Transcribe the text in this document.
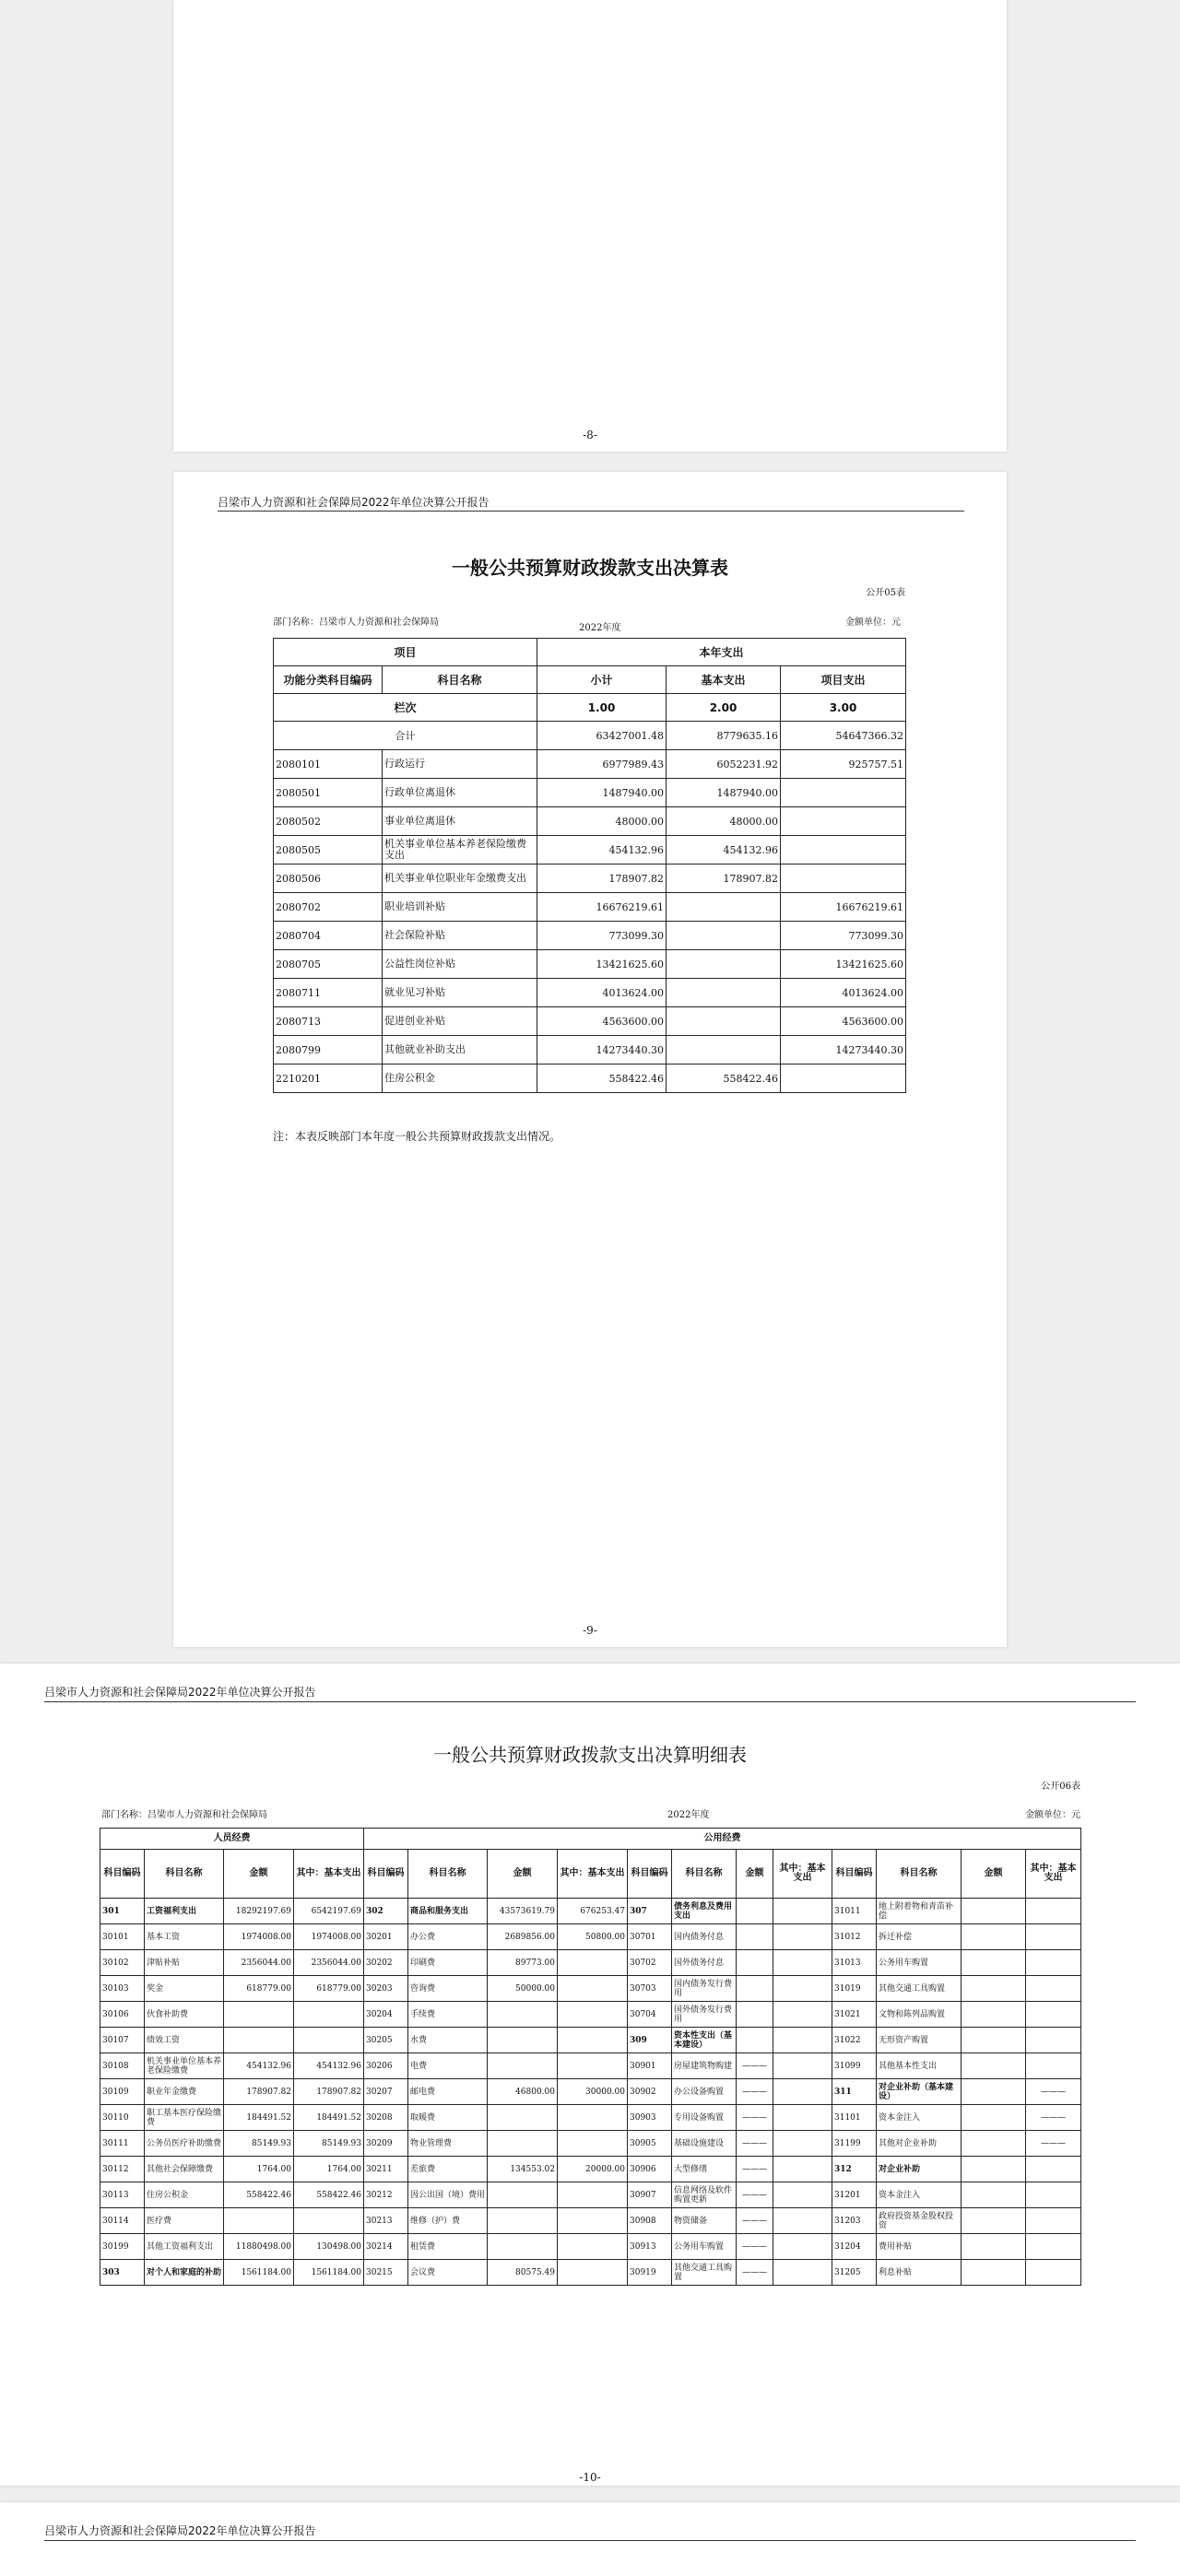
-8-
吕梁市人力资源和社会保障局2022年单位决算公开报告
一般公共预算财政拨款支出决算表
公开05表
部门名称：吕梁市人力资源和社会保障局
2022年度
金额单位：元
项目		本年支出		
功能分类科目编码	科目名称	小计	基本支出	项目支出
栏次		1.00	2.00	3.00
合计		63427001.48	8779635.16	54647366.32
2080101	行政运行	6977989.43	6052231.92	925757.51
2080501	行政单位离退休	1487940.00	1487940.00	
2080502	事业单位离退休	48000.00	48000.00	
2080505	机关事业单位基本养老保险缴费支出	454132.96	454132.96	
2080506	机关事业单位职业年金缴费支出	178907.82	178907.82	
2080702	职业培训补贴	16676219.61		16676219.61
2080704	社会保险补贴	773099.30		773099.30
2080705	公益性岗位补贴	13421625.60		13421625.60
2080711	就业见习补贴	4013624.00		4013624.00
2080713	促进创业补贴	4563600.00		4563600.00
2080799	其他就业补助支出	14273440.30		14273440.30
2210201	住房公积金	558422.46	558422.46	
注：本表反映部门本年度一般公共预算财政拨款支出情况。
-9-
吕梁市人力资源和社会保障局2022年单位决算公开报告
一般公共预算财政拨款支出决算明细表
公开06表
部门名称：吕梁市人力资源和社会保障局	2022年度	金额单位：元
人员经费				公用经费											
科目编码	科目名称	金额	其中：基本支出	科目编码	科目名称	金额	其中：基本支出	科目编码	科目名称	金额	其中：基本支出	科目编码	科目名称	金额	其中：基本支出
301	工资福利支出	18292197.69	6542197.69	302	商品和服务支出	43573619.79	676253.47	307	债务利息及费用支出			31011	地上附着物和青苗补偿		
30101	基本工资	1974008.00	1974008.00	30201	办公费	2689856.00	50800.00	30701	国内债务付息			31012	拆迁补偿		
30102	津贴补贴	2356044.00	2356044.00	30202	印刷费	89773.00		30702	国外债务付息			31013	公务用车购置		
30103	奖金	618779.00	618779.00	30203	咨询费	50000.00		30703	国内债务发行费用			31019	其他交通工具购置		
30106	伙食补助费			30204	手续费			30704	国外债务发行费用			31021	文物和陈列品购置		
30107	绩效工资			30205	水费			309	资本性支出（基本建设）			31022	无形资产购置		
30108	机关事业单位基本养老保险缴费	454132.96	454132.96	30206	电费			30901	房屋建筑物购建	———		31099	其他基本性支出		
30109	职业年金缴费	178907.82	178907.82	30207	邮电费	46800.00	30000.00	30902	办公设备购置	———		311	对企业补助（基本建设）		———
30110	职工基本医疗保险缴费	184491.52	184491.52	30208	取暖费			30903	专用设备购置	———		31101	资本金注入		———
30111	公务员医疗补助缴费	85149.93	85149.93	30209	物业管理费			30905	基础设施建设	———		31199	其他对企业补助		———
30112	其他社会保障缴费	1764.00	1764.00	30211	差旅费	134553.02	20000.00	30906	大型修缮	———		312	对企业补助		
30113	住房公积金	558422.46	558422.46	30212	因公出国（境）费用			30907	信息网络及软件购置更新	———		31201	资本金注入		
30114	医疗费			30213	维修（护）费			30908	物资储备	———		31203	政府投资基金股权投资		
30199	其他工资福利支出	11880498.00	130498.00	30214	租赁费			30913	公务用车购置	———		31204	费用补贴		
303	对个人和家庭的补助	1561184.00	1561184.00	30215	会议费	80575.49		30919	其他交通工具购置	———		31205	利息补贴		
-10-
吕梁市人力资源和社会保障局2022年单位决算公开报告
